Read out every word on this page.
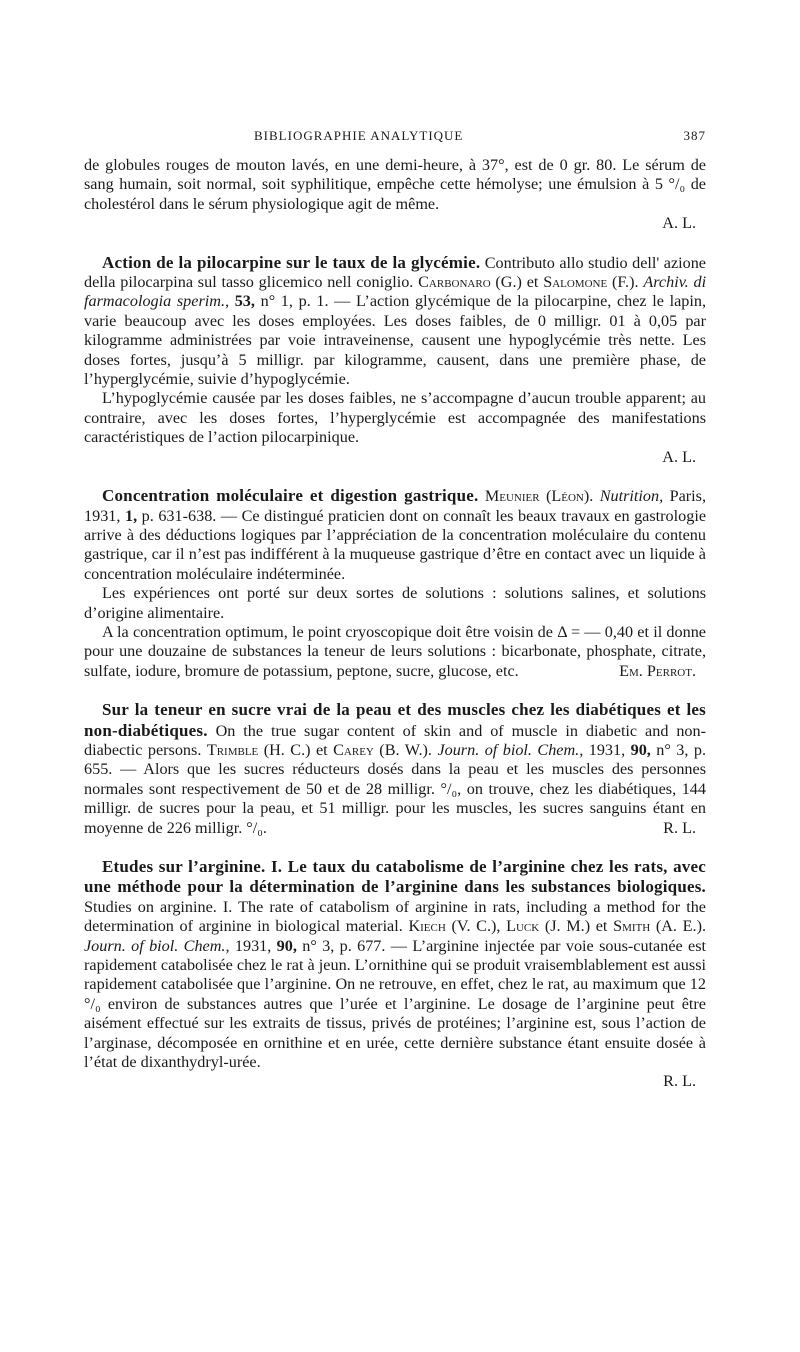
BIBLIOGRAPHIE ANALYTIQUE	387

de globules rouges de mouton lavés, en une demi-heure, à 37°, est de 0 gr. 80. Le sérum de sang humain, soit normal, soit syphilitique, empêche cette hémolyse; une émulsion à 5 °/₀ de cholestérol dans le sérum physiologique agit de même.

A. L.

Action de la pilocarpine sur le taux de la glycémie. Contributo allo studio dell' azione della pilocarpina sul tasso glicemico nell coniglio. Carbonaro (G.) et Salomone (F.). Archiv. di farmacologia sperim., 53, n° 1, p. 1. — L’action glycémique de la pilocarpine, chez le lapin, varie beaucoup avec les doses employées. Les doses faibles, de 0 milligr. 01 à 0,05 par kilogramme administrées par voie intraveinense, causent une hypoglycémie très nette. Les doses fortes, jusqu’à 5 milligr. par kilogramme, causent, dans une première phase, de l’hyperglycémie, suivie d’hypoglycémie.

L’hypoglycémie causée par les doses faibles, ne s’accompagne d’aucun trouble apparent; au contraire, avec les doses fortes, l’hyperglycémie est accompagnée des manifestations caractéristiques de l’action pilocarpinique.

A. L.

Concentration moléculaire et digestion gastrique. Meunier (Léon). Nutrition, Paris, 1931, 1, p. 631-638. — Ce distingué praticien dont on connaît les beaux travaux en gastrologie arrive à des déductions logiques par l’appréciation de la concentration moléculaire du contenu gastrique, car il n’est pas indifférent à la muqueuse gastrique d’être en contact avec un liquide à concentration moléculaire indéterminée.

Les expériences ont porté sur deux sortes de solutions : solutions salines, et solutions d’origine alimentaire.

A la concentration optimum, le point cryoscopique doit être voisin de Δ = — 0,40 et il donne pour une douzaine de substances la teneur de leurs solutions : bicarbonate, phosphate, citrate, sulfate, iodure, bromure de potassium, peptone, sucre, glucose, etc.	Em. Perrot.

Sur la teneur en sucre vrai de la peau et des muscles chez les diabétiques et les non-diabétiques. On the true sugar content of skin and of muscle in diabetic and non-diabectic persons. Trimble (H. C.) et Carey (B. W.). Journ. of biol. Chem., 1931, 90, n° 3, p. 655. — Alors que les sucres réducteurs dosés dans la peau et les muscles des personnes normales sont respectivement de 50 et de 28 milligr. °/₀, on trouve, chez les diabétiques, 144 milligr. de sucres pour la peau, et 51 milligr. pour les muscles, les sucres sanguins étant en moyenne de 226 milligr. °/₀.	R. L.

Etudes sur l’arginine. I. Le taux du catabolisme de l’arginine chez les rats, avec une méthode pour la détermination de l’arginine dans les substances biologiques. Studies on arginine. I. The rate of catabolism of arginine in rats, including a method for the determination of arginine in biological material. Kiech (V. C.), Luck (J. M.) et Smith (A. E.). Journ. of biol. Chem., 1931, 90, n° 3, p. 677. — L’arginine injectée par voie sous-cutanée est rapidement catabolisée chez le rat à jeun. L’ornithine qui se produit vraisemblablement est aussi rapidement catabolisée que l’arginine. On ne retrouve, en effet, chez le rat, au maximum que 12 °/₀ environ de substances autres que l’urée et l’arginine. Le dosage de l’arginine peut être aisément effectué sur les extraits de tissus, privés de protéines; l’arginine est, sous l’action de l’arginase, décomposée en ornithine et en urée, cette dernière substance étant ensuite dosée à l’état de dixanthydryl-urée.

R. L.
